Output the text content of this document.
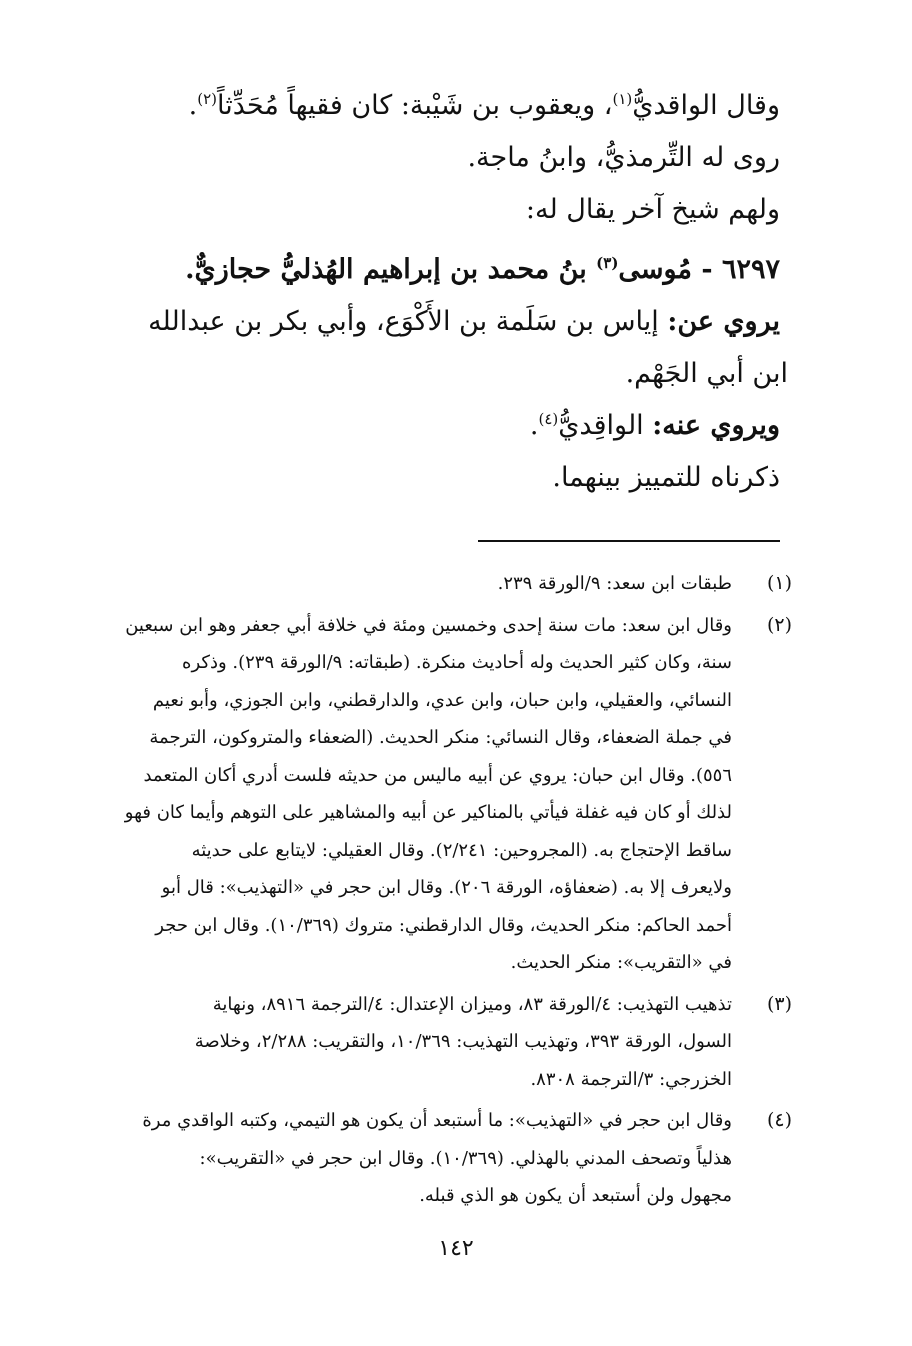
وقال الواقديُّ$^{(١)}$، ويعقوب بن شَيْبة: كان فقيهاً مُحَدِّثاً$^{(٢)}$.
روى له التِّرمذيُّ، وابنُ ماجة.
ولهم شيخ آخر يقال له:
٦٢٩٧ - مُوسى$^{(٣)}$ بنُ محمد بن إبراهيم الهُذليُّ حجازيٌّ.
يروي عن: إياس بن سَلَمة بن الأَكْوَع، وأبي بكر بن عبدالله
ابن أبي الجَهْم.
ويروي عنه: الواقِديُّ$^{(٤)}$.
ذكرناه للتمييز بينهما.
(١)
طبقات ابن سعد: ٩/الورقة ٢٣٩.
(٢)
وقال ابن سعد: مات سنة إحدى وخمسين ومئة في خلافة أبي جعفر وهو ابن سبعين
سنة، وكان كثير الحديث وله أحاديث منكرة. (طبقاته: ٩/الورقة ٢٣٩). وذكره
النسائي، والعقيلي، وابن حبان، وابن عدي، والدارقطني، وابن الجوزي، وأبو نعيم
في جملة الضعفاء، وقال النسائي: منكر الحديث. (الضعفاء والمتروكون، الترجمة
٥٥٦). وقال ابن حبان: يروي عن أبيه ماليس من حديثه فلست أدري أكان المتعمد
لذلك أو كان فيه غفلة فيأتي بالمناكير عن أبيه والمشاهير على التوهم وأيما كان فهو
ساقط الإحتجاج به. (المجروحين: ٢/٢٤١). وقال العقيلي: لايتابع على حديثه
ولايعرف إلا به. (ضعفاؤه، الورقة ٢٠٦). وقال ابن حجر في «التهذيب»: قال أبو
أحمد الحاكم: منكر الحديث، وقال الدارقطني: متروك (١٠/٣٦٩). وقال ابن حجر
في «التقريب»: منكر الحديث.
(٣)
تذهيب التهذيب: ٤/الورقة ٨٣، وميزان الإعتدال: ٤/الترجمة ٨٩١٦، ونهاية
السول، الورقة ٣٩٣، وتهذيب التهذيب: ١٠/٣٦٩، والتقريب: ٢/٢٨٨، وخلاصة
الخزرجي: ٣/الترجمة ٨٣٠٨.
(٤)
وقال ابن حجر في «التهذيب»: ما أستبعد أن يكون هو التيمي، وكتبه الواقدي مرة
هذلياً وتصحف المدني بالهذلي. (١٠/٣٦٩). وقال ابن حجر في «التقريب»:
مجهول ولن أستبعد أن يكون هو الذي قبله.
١٤٢
